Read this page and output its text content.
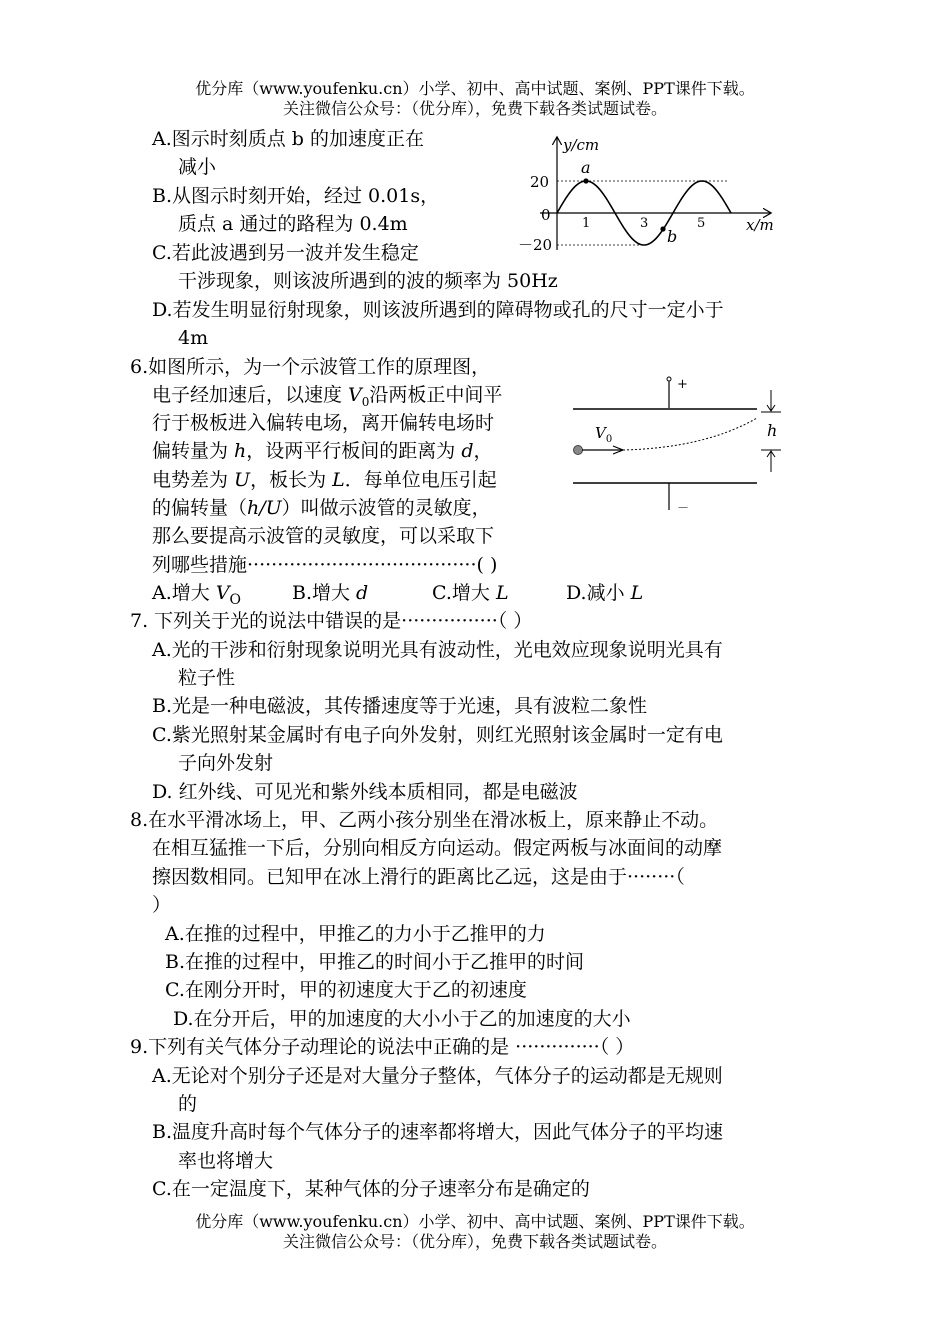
优分库（www.youfenku.cn）小学、初中、高中试题、案例、PPT课件下载。
关注微信公众号：（优分库），免费下载各类试题试卷。
A.图示时刻质点 b 的加速度正在
减小
B.从图示时刻开始，经过 0.01s，
质点 a 通过的路程为 0.4m
C.若此波遇到另一波并发生稳定
干涉现象，则该波所遇到的波的频率为 50Hz
D.若发生明显衍射现象，则该波所遇到的障碍物或孔的尺寸一定小于
4m
y/cm
x/m
20
0
－20
1	3	5
a
b
6.如图所示，为一个示波管工作的原理图，
电子经加速后，以速度 $V_0$沿两板正中间平
行于极板进入偏转电场，离开偏转电场时
偏转量为 h，设两平行板间的距离为 d，
电势差为 U，板长为 L．每单位电压引起
的偏转量（h/U）叫做示波管的灵敏度，
那么要提高示波管的灵敏度，可以采取下
列哪些措施······································( )
A.增大 $V_O$	B.增大 d	C.增大 L	D.减小 L
+
－
$V_0$	h
7. 下列关于光的说法中错误的是················（ ）
A.光的干涉和衍射现象说明光具有波动性，光电效应现象说明光具有
粒子性
B.光是一种电磁波，其传播速度等于光速，具有波粒二象性
C.紫光照射某金属时有电子向外发射，则红光照射该金属时一定有电
子向外发射
D. 红外线、可见光和紫外线本质相同，都是电磁波
8.在水平滑冰场上，甲、乙两小孩分别坐在滑冰板上，原来静止不动。
在相互猛推一下后，分别向相反方向运动。假定两板与冰面间的动摩
擦因数相同。已知甲在冰上滑行的距离比乙远，这是由于········（
）
A.在推的过程中，甲推乙的力小于乙推甲的力
B.在推的过程中，甲推乙的时间小于乙推甲的时间
C.在刚分开时，甲的初速度大于乙的初速度
D.在分开后，甲的加速度的大小小于乙的加速度的大小
9.下列有关气体分子动理论的说法中正确的是 ··············（ ）
A.无论对个别分子还是对大量分子整体，气体分子的运动都是无规则
的
B.温度升高时每个气体分子的速率都将增大，因此气体分子的平均速
率也将增大
C.在一定温度下，某种气体的分子速率分布是确定的
优分库（www.youfenku.cn）小学、初中、高中试题、案例、PPT课件下载。
关注微信公众号：（优分库），免费下载各类试题试卷。
